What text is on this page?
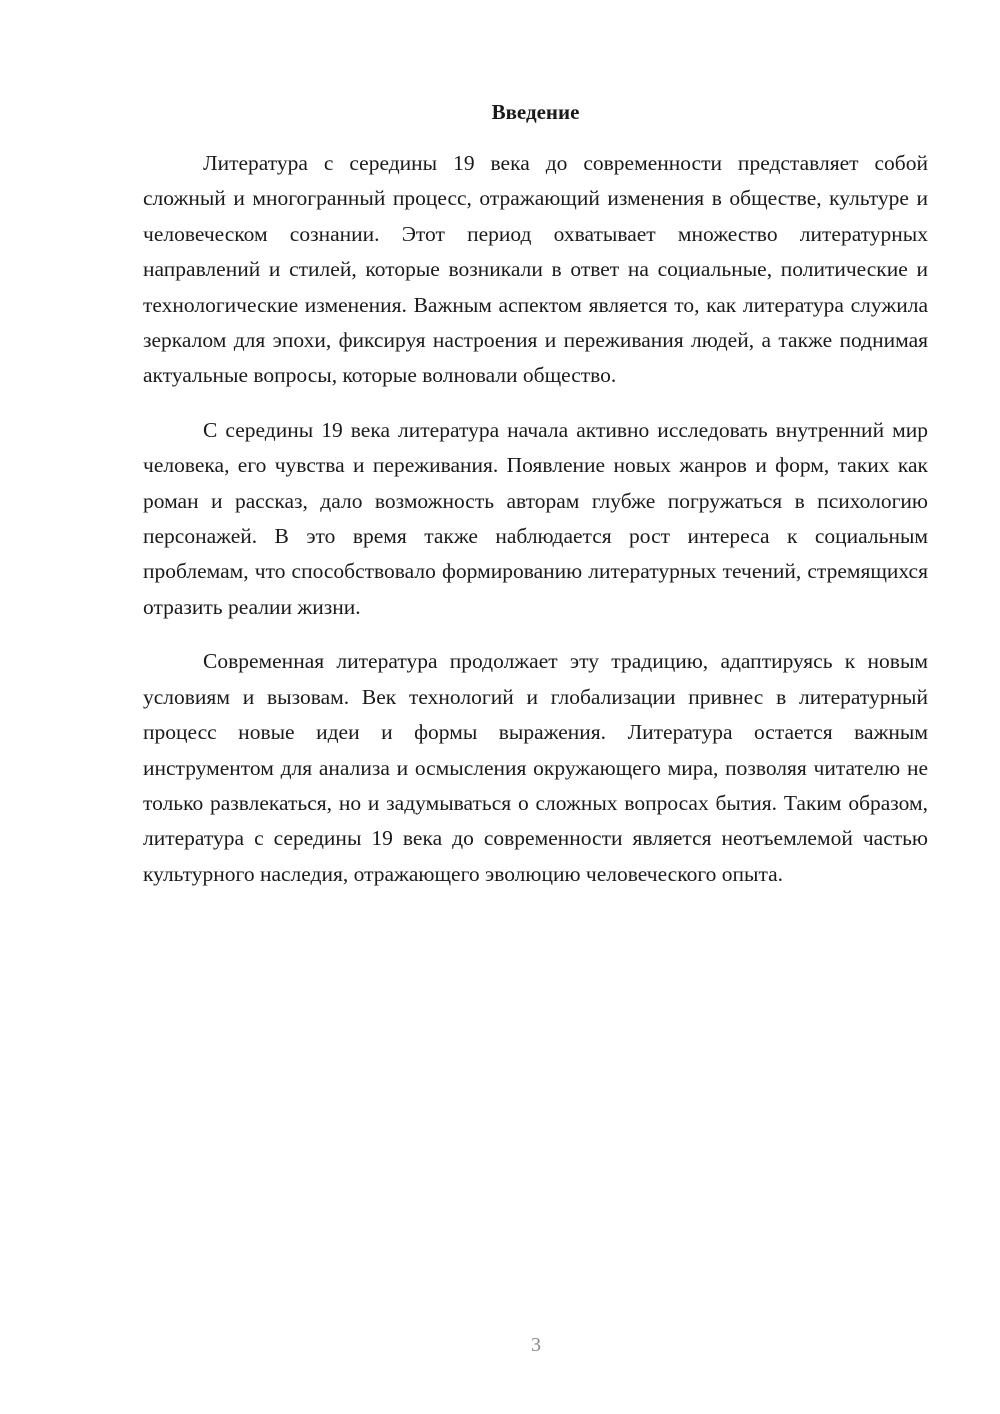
Введение

Литература с середины 19 века до современности представляет собой сложный и многогранный процесс, отражающий изменения в обществе, культуре и человеческом сознании. Этот период охватывает множество литературных направлений и стилей, которые возникали в ответ на социальные, политические и технологические изменения. Важным аспектом является то, как литература служила зеркалом для эпохи, фиксируя настроения и переживания людей, а также поднимая актуальные вопросы, которые волновали общество.

С середины 19 века литература начала активно исследовать внутренний мир человека, его чувства и переживания. Появление новых жанров и форм, таких как роман и рассказ, дало возможность авторам глубже погружаться в психологию персонажей. В это время также наблюдается рост интереса к социальным проблемам, что способствовало формированию литературных течений, стремящихся отразить реалии жизни.

Современная литература продолжает эту традицию, адаптируясь к новым условиям и вызовам. Век технологий и глобализации привнес в литературный процесс новые идеи и формы выражения. Литература остается важным инструментом для анализа и осмысления окружающего мира, позволяя читателю не только развлекаться, но и задумываться о сложных вопросах бытия. Таким образом, литература с середины 19 века до современности является неотъемлемой частью культурного наследия, отражающего эволюцию человеческого опыта.

3
